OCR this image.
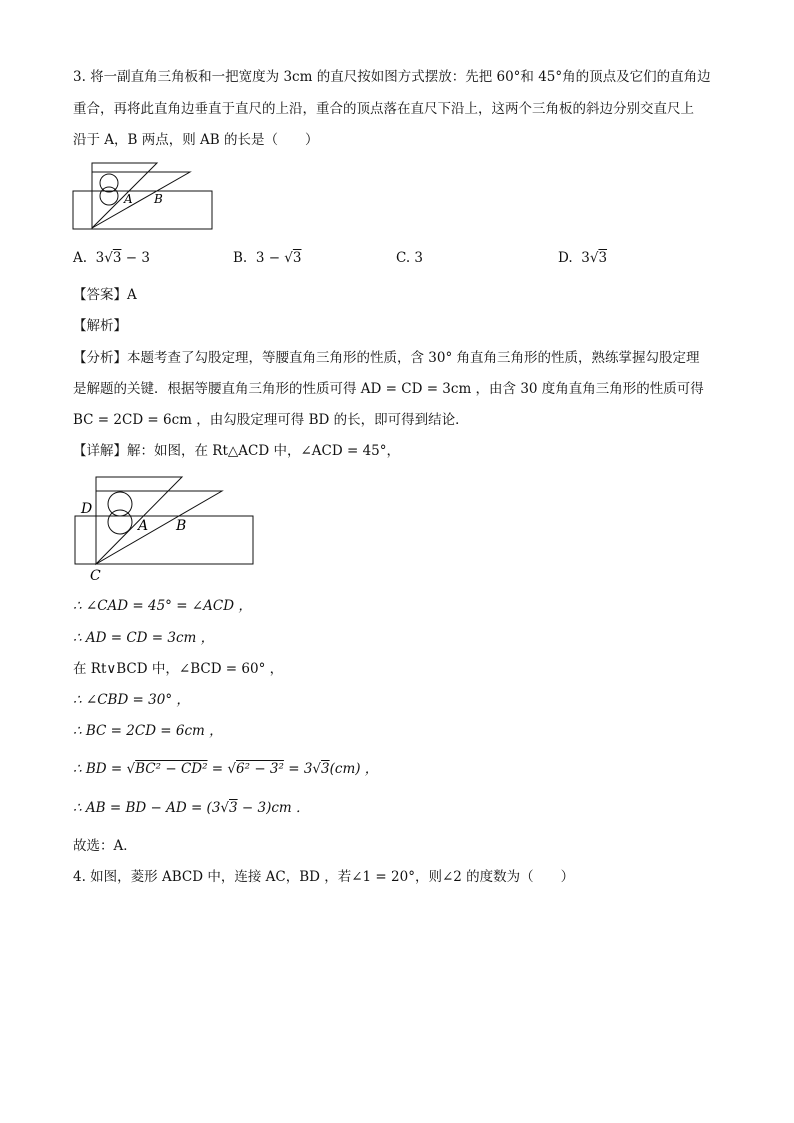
3. 将一副直角三角板和一把宽度为 3cm 的直尺按如图方式摆放：先把 60°和 45°角的顶点及它们的直角边
重合，再将此直角边垂直于直尺的上沿，重合的顶点落在直尺下沿上，这两个三角板的斜边分别交直尺上
沿于 A，B 两点，则 AB 的长是（　　）
A B
A. 3√3 − 3	B. 3 − √3	C. 3	D. 3√3
【答案】A
【解析】
【分析】本题考查了勾股定理，等腰直角三角形的性质，含 30° 角直角三角形的性质，熟练掌握勾股定理
是解题的关键．根据等腰直角三角形的性质可得 AD = CD = 3cm ，由含 30 度角直角三角形的性质可得
BC = 2CD = 6cm ，由勾股定理可得 BD 的长，即可得到结论．
【详解】解：如图，在 Rt△ACD 中，∠ACD = 45°，
D
A B
C
∴ ∠CAD = 45° = ∠ACD ，
∴ AD = CD = 3cm ，
在 Rt∨BCD 中，∠BCD = 60° ，
∴ ∠CBD = 30° ，
∴ BC = 2CD = 6cm ，
∴ BD = √BC² − CD² = √6² − 3² = 3√3(cm) ，
∴ AB = BD − AD = (3√3 − 3)cm ．
故选：A．
4. 如图，菱形 ABCD 中，连接 AC，BD ，若∠1 = 20°，则∠2 的度数为（　　）
